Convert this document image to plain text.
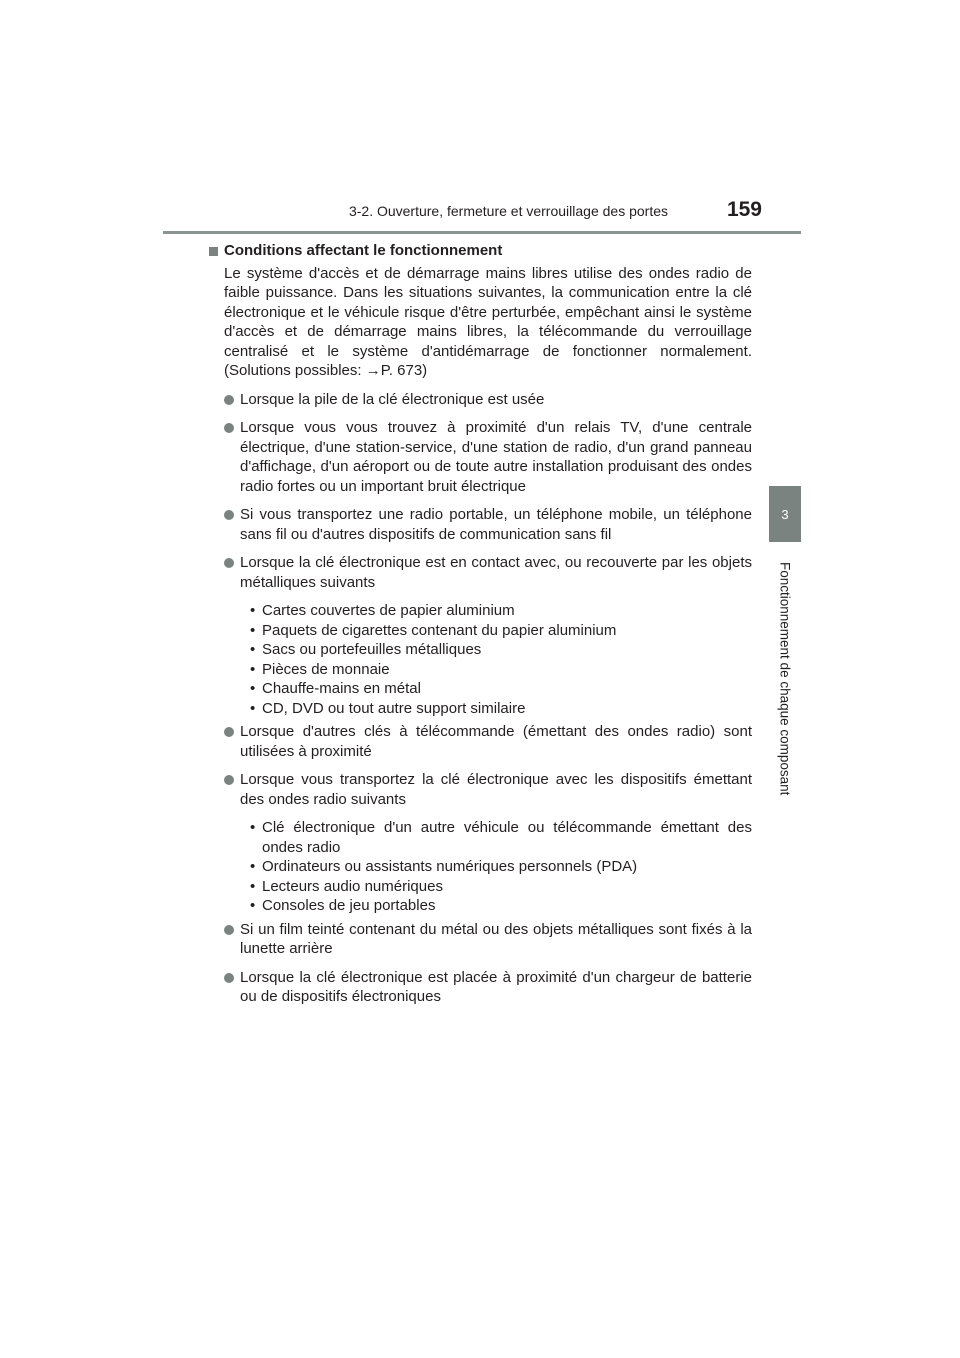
3-2. Ouverture, fermeture et verrouillage des portes	159
3
Fonctionnement de chaque composant
Conditions affectant le fonctionnement
Le système d'accès et de démarrage mains libres utilise des ondes radio de faible puissance. Dans les situations suivantes, la communication entre la clé électronique et le véhicule risque d'être perturbée, empêchant ainsi le système d'accès et de démarrage mains libres, la télécommande du verrouillage centralisé et le système d'antidémarrage de fonctionner normalement. (Solutions possibles: →P. 673)
Lorsque la pile de la clé électronique est usée
Lorsque vous vous trouvez à proximité d'un relais TV, d'une centrale électrique, d'une station-service, d'une station de radio, d'un grand panneau d'affichage, d'un aéroport ou de toute autre installation produisant des ondes radio fortes ou un important bruit électrique
Si vous transportez une radio portable, un téléphone mobile, un téléphone sans fil ou d'autres dispositifs de communication sans fil
Lorsque la clé électronique est en contact avec, ou recouverte par les objets métalliques suivants
• Cartes couvertes de papier aluminium
• Paquets de cigarettes contenant du papier aluminium
• Sacs ou portefeuilles métalliques
• Pièces de monnaie
• Chauffe-mains en métal
• CD, DVD ou tout autre support similaire
Lorsque d'autres clés à télécommande (émettant des ondes radio) sont utilisées à proximité
Lorsque vous transportez la clé électronique avec les dispositifs émettant des ondes radio suivants
• Clé électronique d'un autre véhicule ou télécommande émettant des ondes radio
• Ordinateurs ou assistants numériques personnels (PDA)
• Lecteurs audio numériques
• Consoles de jeu portables
Si un film teinté contenant du métal ou des objets métalliques sont fixés à la lunette arrière
Lorsque la clé électronique est placée à proximité d'un chargeur de batterie ou de dispositifs électroniques
